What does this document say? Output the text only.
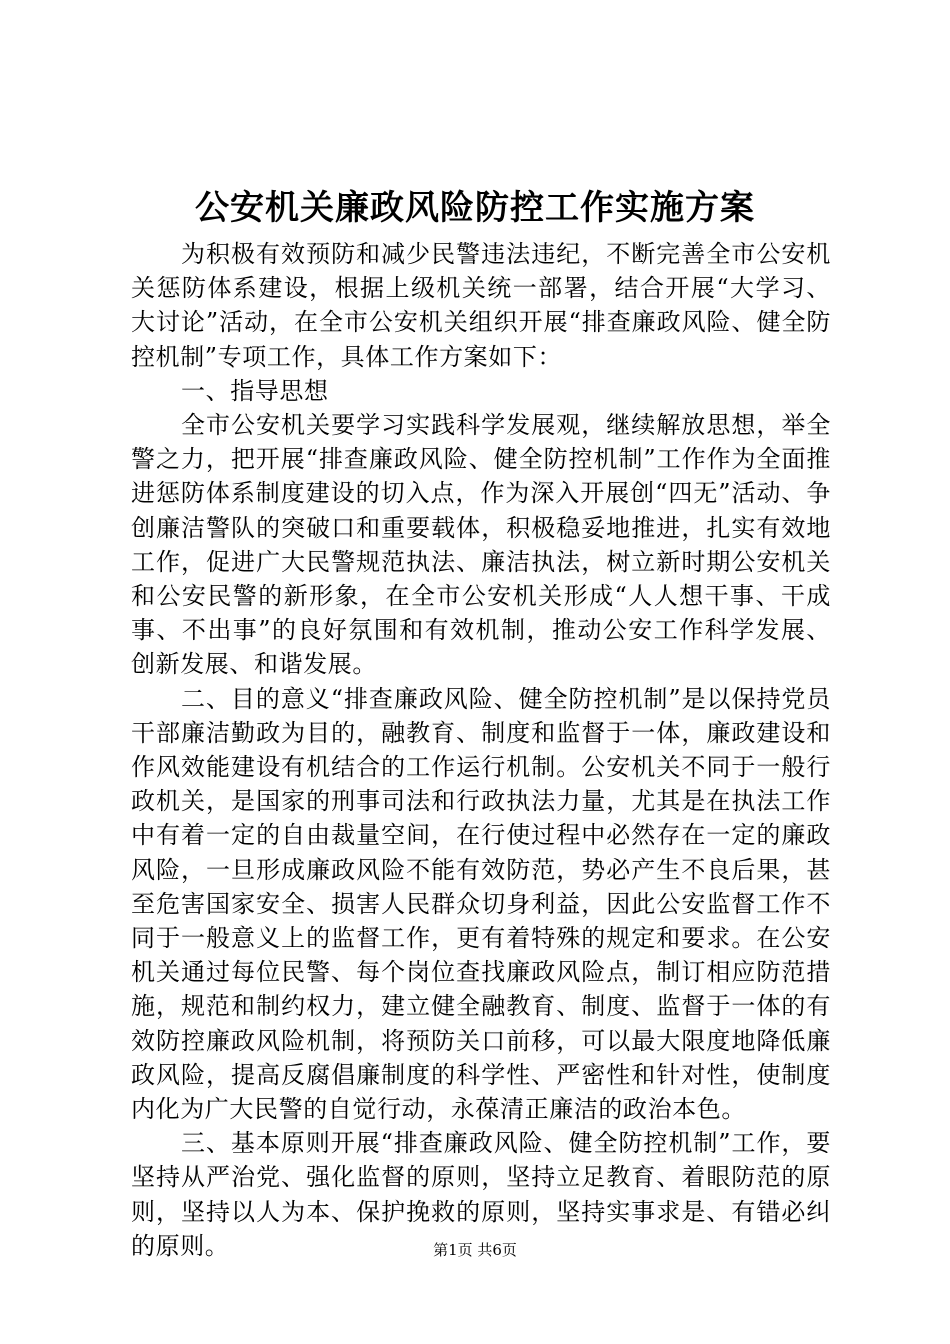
公安机关廉政风险防控工作实施方案

为积极有效预防和减少民警违法违纪，不断完善全市公安机关惩防体系建设，根据上级机关统一部署，结合开展“大学习、大讨论”活动，在全市公安机关组织开展“排查廉政风险、健全防控机制”专项工作，具体工作方案如下：

一、指导思想

全市公安机关要学习实践科学发展观，继续解放思想，举全警之力，把开展“排查廉政风险、健全防控机制”工作作为全面推进惩防体系制度建设的切入点，作为深入开展创“四无”活动、争创廉洁警队的突破口和重要载体，积极稳妥地推进，扎实有效地工作，促进广大民警规范执法、廉洁执法，树立新时期公安机关和公安民警的新形象，在全市公安机关形成“人人想干事、干成事、不出事”的良好氛围和有效机制，推动公安工作科学发展、创新发展、和谐发展。

二、目的意义“排查廉政风险、健全防控机制”是以保持党员干部廉洁勤政为目的，融教育、制度和监督于一体，廉政建设和作风效能建设有机结合的工作运行机制。公安机关不同于一般行政机关，是国家的刑事司法和行政执法力量，尤其是在执法工作中有着一定的自由裁量空间，在行使过程中必然存在一定的廉政风险，一旦形成廉政风险不能有效防范，势必产生不良后果，甚至危害国家安全、损害人民群众切身利益，因此公安监督工作不同于一般意义上的监督工作，更有着特殊的规定和要求。在公安机关通过每位民警、每个岗位查找廉政风险点，制订相应防范措施，规范和制约权力，建立健全融教育、制度、监督于一体的有效防控廉政风险机制，将预防关口前移，可以最大限度地降低廉政风险，提高反腐倡廉制度的科学性、严密性和针对性，使制度内化为广大民警的自觉行动，永葆清正廉洁的政治本色。

三、基本原则开展“排查廉政风险、健全防控机制”工作，要坚持从严治党、强化监督的原则，坚持立足教育、着眼防范的原则，坚持以人为本、保护挽救的原则，坚持实事求是、有错必纠的原则。	第1页 共6页
